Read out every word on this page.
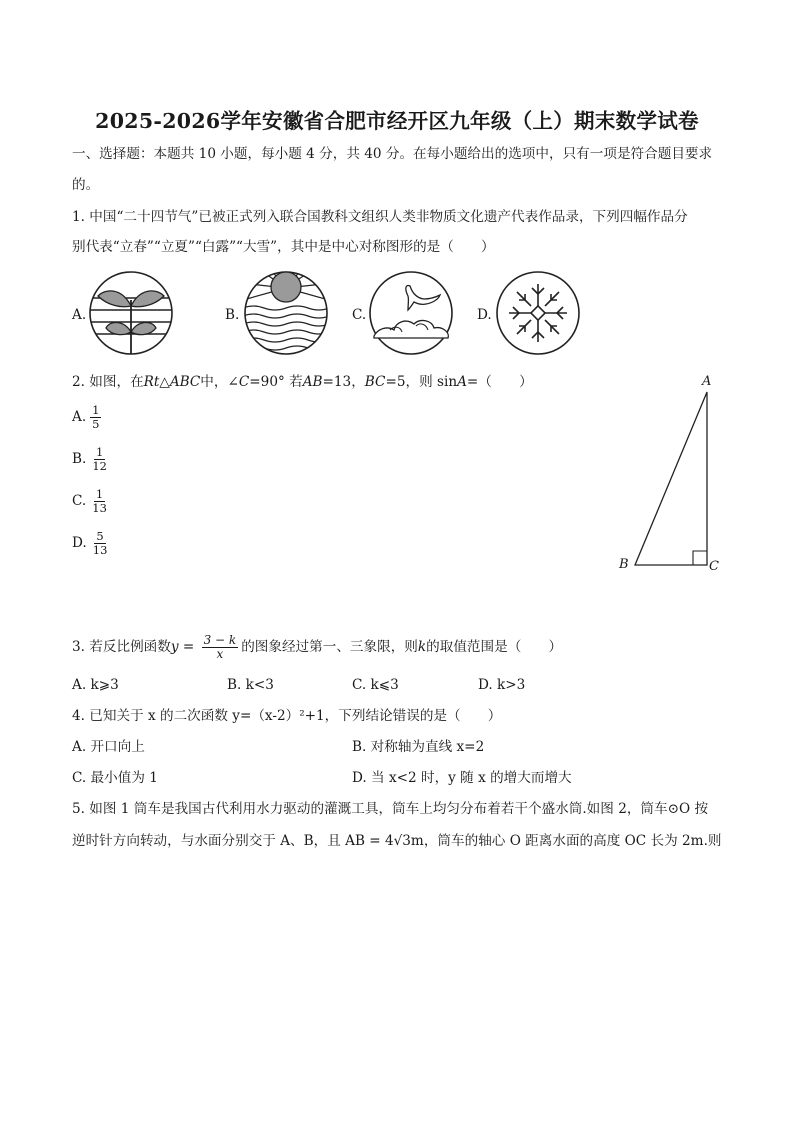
2025-2026学年安徽省合肥市经开区九年级（上）期末数学试卷
一、选择题：本题共 10 小题，每小题 4 分，共 40 分。在每小题给出的选项中，只有一项是符合题目要求
的。
1. 中国“二十四节气”已被正式列入联合国教科文组织人类非物质文化遗产代表作品录，下列四幅作品分
别代表“立春”“立夏”“白露”“大雪”，其中是中心对称图形的是（　　）
A.	B.	C.	D.
2. 如图，在Rt△ABC中，∠C=90° 若AB=13，BC=5，则 sinA=（　　）
A. $\frac{1}{5}$
B. $\frac{1}{12}$
C. $\frac{1}{13}$
D. $\frac{5}{13}$
A
B	C
3. 若反比例函数$y = \frac{3 - k}{x}$ 的图象经过第一、三象限，则k的取值范围是（　　）
A. k⩾3	B. k<3	C. k⩽3	D. k>3
4. 已知关于 x 的二次函数 y=（x-2）²+1，下列结论错误的是（　　）
A. 开口向上	B. 对称轴为直线 x=2
C. 最小值为 1	D. 当 x<2 时，y 随 x 的增大而增大
5. 如图 1 筒车是我国古代利用水力驱动的灌溉工具，筒车上均匀分布着若干个盛水筒.如图 2，筒车⊙O 按
逆时针方向转动，与水面分别交于 A、B，且 AB = 4√3m，筒车的轴心 O 距离水面的高度 OC 长为 2m.则
